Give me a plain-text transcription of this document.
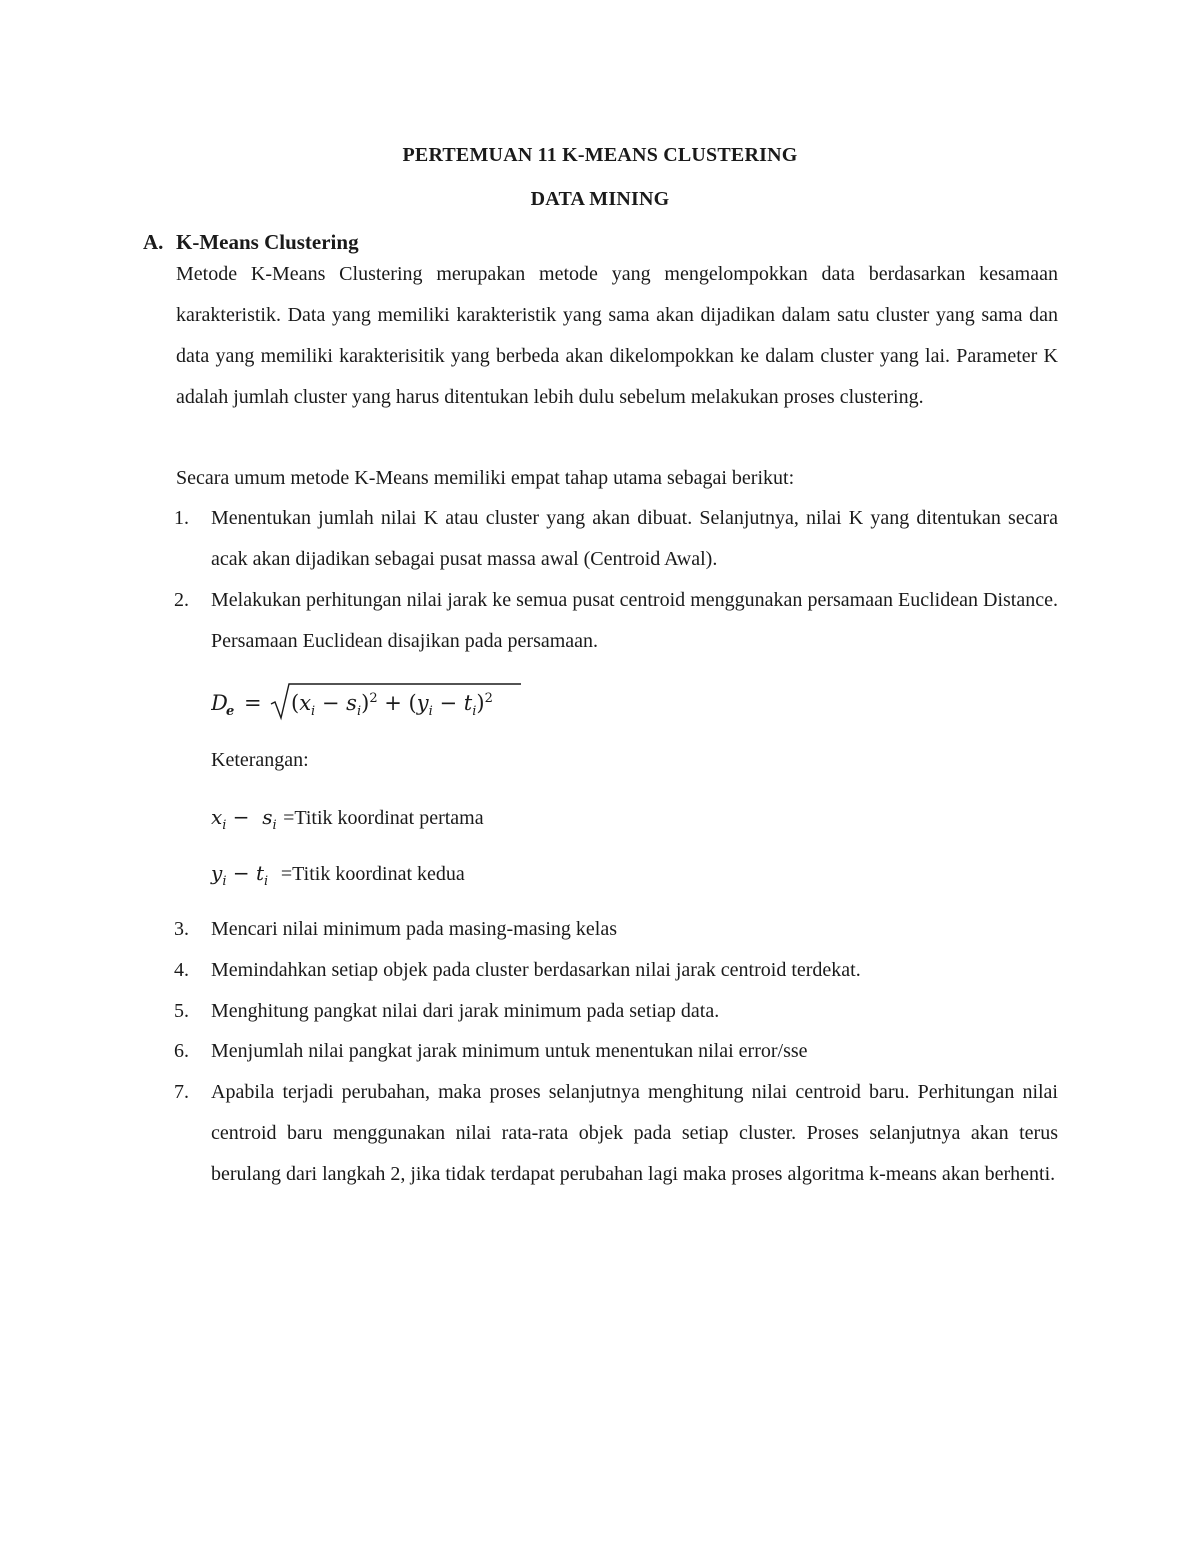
PERTEMUAN 11 K-MEANS CLUSTERING
DATA MINING
A. K-Means Clustering
Metode K-Means Clustering merupakan metode yang mengelompokkan data berdasarkan kesamaan karakteristik. Data yang memiliki karakteristik yang sama akan dijadikan dalam satu cluster yang sama dan data yang memiliki karakterisitik yang berbeda akan dikelompokkan ke dalam cluster yang lai. Parameter K adalah jumlah cluster yang harus ditentukan lebih dulu sebelum melakukan proses clustering.
Secara umum metode K-Means memiliki empat tahap utama sebagai berikut:
1.	Menentukan jumlah nilai K atau cluster yang akan dibuat. Selanjutnya, nilai K yang ditentukan secara acak akan dijadikan sebagai pusat massa awal (Centroid Awal).
2.	Melakukan perhitungan nilai jarak ke semua pusat centroid menggunakan persamaan Euclidean Distance. Persamaan Euclidean disajikan pada persamaan.
D
$e = (x_i - s_i)^2 + (y_i - t_i)^2$
Keterangan:
$x_i - s_i$ =Titik koordinat pertama
$y_i - t_i$ =Titik koordinat kedua
3.	Mencari nilai minimum pada masing-masing kelas
4.	Memindahkan setiap objek pada cluster berdasarkan nilai jarak centroid terdekat.
5.	Menghitung pangkat nilai dari jarak minimum pada setiap data.
6.	Menjumlah nilai pangkat jarak minimum untuk menentukan nilai error/sse
7.	Apabila terjadi perubahan, maka proses selanjutnya menghitung nilai centroid baru. Perhitungan nilai centroid baru menggunakan nilai rata-rata objek pada setiap cluster. Proses selanjutnya akan terus berulang dari langkah 2, jika tidak terdapat perubahan lagi maka proses algoritma k-means akan berhenti.
